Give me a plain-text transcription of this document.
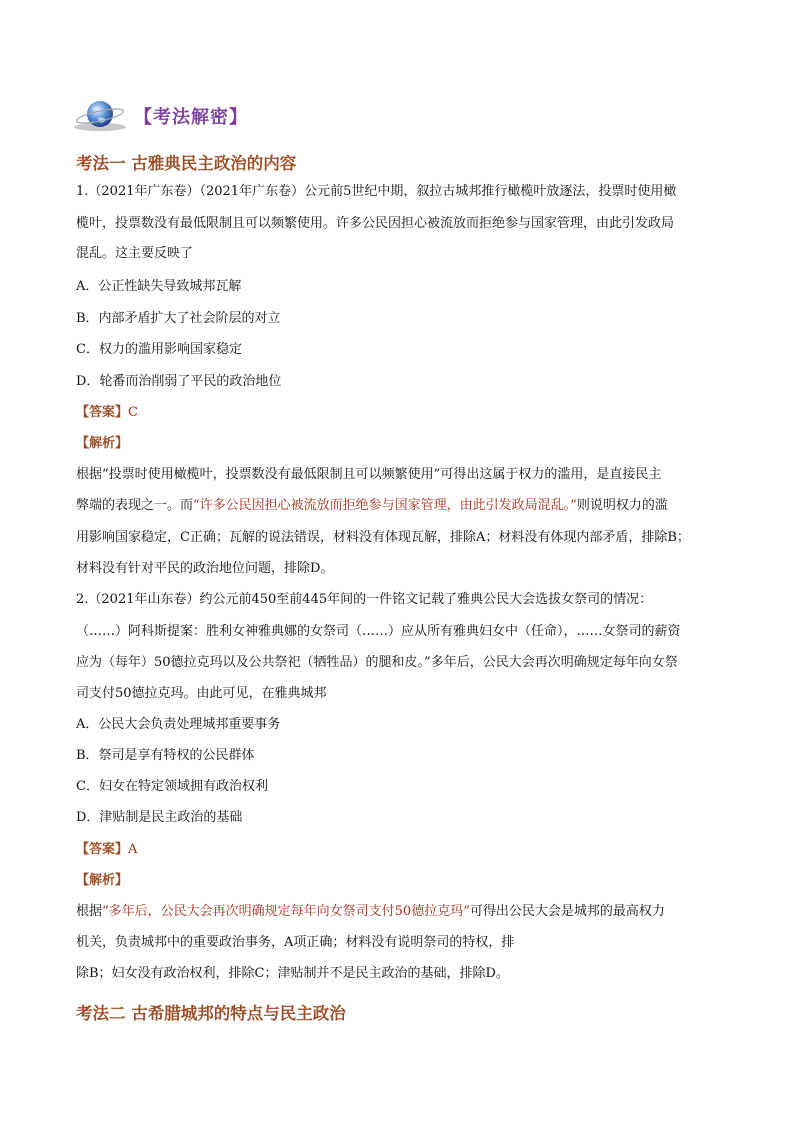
【考法解密】
考法一 古雅典民主政治的内容
1.（2021年广东卷）（2021年广东卷）公元前5世纪中期，叙拉古城邦推行橄榄叶放逐法，投票时使用橄
榄叶，投票数没有最低限制且可以频繁使用。许多公民因担心被流放而拒绝参与国家管理，由此引发政局
混乱。这主要反映了
A．公正性缺失导致城邦瓦解
B．内部矛盾扩大了社会阶层的对立
C．权力的滥用影响国家稳定
D．轮番而治削弱了平民的政治地位
【答案】C
【解析】
根据“投票时使用橄榄叶，投票数没有最低限制且可以频繁使用”可得出这属于权力的滥用，是直接民主
弊端的表现之一。而“许多公民因担心被流放而拒绝参与国家管理，由此引发政局混乱。”则说明权力的滥
用影响国家稳定，C正确；瓦解的说法错误，材料没有体现瓦解，排除A；材料没有体现内部矛盾，排除B；
材料没有针对平民的政治地位问题，排除D。
2.（2021年山东卷）约公元前450至前445年间的一件铭文记载了雅典公民大会选拔女祭司的情况：
（……）阿科斯提案：胜利女神雅典娜的女祭司（……）应从所有雅典妇女中（任命），……女祭司的薪资
应为（每年）50德拉克玛以及公共祭祀（牺牲品）的腿和皮。”多年后，公民大会再次明确规定每年向女祭
司支付50德拉克玛。由此可见，在雅典城邦
A．公民大会负责处理城邦重要事务
B．祭司是享有特权的公民群体
C．妇女在特定领域拥有政治权利
D．津贴制是民主政治的基础
【答案】A
【解析】
根据“多年后，公民大会再次明确规定每年向女祭司支付50德拉克玛”可得出公民大会是城邦的最高权力
机关，负责城邦中的重要政治事务，A项正确；材料没有说明祭司的特权，排
除B；妇女没有政治权利，排除C；津贴制并不是民主政治的基础，排除D。
考法二 古希腊城邦的特点与民主政治
